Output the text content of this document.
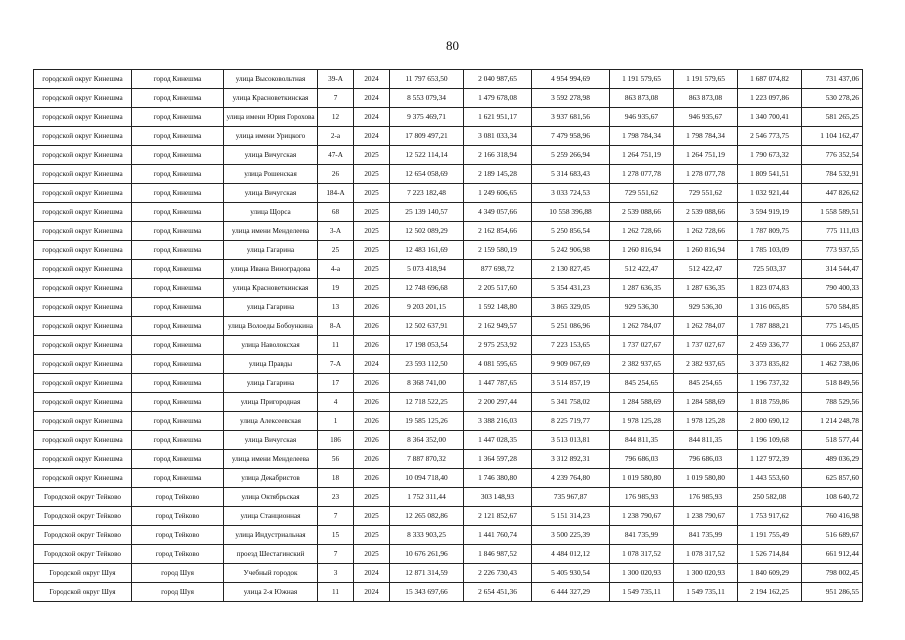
80
городской округ Кинешма	город Кинешма	улица Высоковольтная	39-А	2024	11 797 653,50	2 040 987,65	4 954 994,69	1 191 579,65	1 191 579,65	1 687 074,82	731 437,06
городской округ Кинешма	город Кинешма	улица Красноветкинская	7	2024	8 553 079,34	1 479 678,08	3 592 278,98	863 873,08	863 873,08	1 223 097,86	530 278,26
городской округ Кинешма	город Кинешма	улица имени Юрия Горохова	12	2024	9 375 469,71	1 621 951,17	3 937 681,56	946 935,67	946 935,67	1 340 700,41	581 265,25
городской округ Кинешма	город Кинешма	улица имени Урицкого	2-а	2024	17 809 497,21	3 081 033,34	7 479 958,96	1 798 784,34	1 798 784,34	2 546 773,75	1 104 162,47
городской округ Кинешма	город Кинешма	улица Вичугская	47-А	2025	12 522 114,14	2 166 318,94	5 259 266,94	1 264 751,19	1 264 751,19	1 790 673,32	776 352,54
городской округ Кинешма	город Кинешма	улица Рошенская	26	2025	12 654 058,69	2 189 145,28	5 314 683,43	1 278 077,78	1 278 077,78	1 809 541,51	784 532,91
городской округ Кинешма	город Кинешма	улица Вичугская	184-А	2025	7 223 182,48	1 249 606,65	3 033 724,53	729 551,62	729 551,62	1 032 921,44	447 826,62
городской округ Кинешма	город Кинешма	улица Щорса	68	2025	25 139 140,57	4 349 057,66	10 558 396,88	2 539 088,66	2 539 088,66	3 594 919,19	1 558 589,51
городской округ Кинешма	город Кинешма	улица имени Менделеева	3-А	2025	12 502 089,29	2 162 854,66	5 250 856,54	1 262 728,66	1 262 728,66	1 787 809,75	775 111,03
городской округ Кинешма	город Кинешма	улица Гагарина	25	2025	12 483 161,69	2 159 580,19	5 242 906,98	1 260 816,94	1 260 816,94	1 785 103,09	773 937,55
городской округ Кинешма	город Кинешма	улица Ивана Виноградова	4-а	2025	5 073 418,94	877 698,72	2 130 827,45	512 422,47	512 422,47	725 503,37	314 544,47
городской округ Кинешма	город Кинешма	улица Красноветкинская	19	2025	12 748 696,68	2 205 517,60	5 354 431,23	1 287 636,35	1 287 636,35	1 823 074,83	790 400,33
городской округ Кинешма	город Кинешма	улица Гагарина	13	2026	9 203 201,15	1 592 148,80	3 865 329,05	929 536,30	929 536,30	1 316 065,85	570 584,85
городской округ Кинешма	город Кинешма	улица Волоеды Бобоункина	8-А	2026	12 502 637,91	2 162 949,57	5 251 086,96	1 262 784,07	1 262 784,07	1 787 888,21	775 145,05
городской округ Кинешма	город Кинешма	улица Наволоксхая	11	2026	17 198 053,54	2 975 253,92	7 223 153,65	1 737 027,67	1 737 027,67	2 459 336,77	1 066 253,87
городской округ Кинешма	город Кинешма	улица Правды	7-А	2024	23 593 112,50	4 081 595,65	9 909 067,69	2 382 937,65	2 382 937,65	3 373 835,82	1 462 738,06
городской округ Кинешма	город Кинешма	улица Гагарина	17	2026	8 368 741,00	1 447 787,65	3 514 857,19	845 254,65	845 254,65	1 196 737,32	518 849,56
городской округ Кинешма	город Кинешма	улица Пригородная	4	2026	12 718 522,25	2 200 297,44	5 341 758,02	1 284 588,69	1 284 588,69	1 818 759,86	788 529,56
городской округ Кинешма	город Кинешма	улица Алексеевская	1	2026	19 585 125,26	3 388 216,03	8 225 719,77	1 978 125,28	1 978 125,28	2 800 690,12	1 214 248,78
городской округ Кинешма	город Кинешма	улица Вичугская	186	2026	8 364 352,00	1 447 028,35	3 513 013,81	844 811,35	844 811,35	1 196 109,68	518 577,44
городской округ Кинешма	город Кинешма	улица имени Менделеева	56	2026	7 887 870,32	1 364 597,28	3 312 892,31	796 686,03	796 686,03	1 127 972,39	489 036,29
городской округ Кинешма	город Кинешма	улица Декабристов	18	2026	10 094 718,40	1 746 380,80	4 239 764,80	1 019 580,80	1 019 580,80	1 443 553,60	625 857,60
Городской округ Тейково	город Тейково	улица Октябрьская	23	2025	1 752 311,44	303 148,93	735 967,87	176 985,93	176 985,93	250 582,08	108 640,72
Городской округ Тейково	город Тейково	улица Станционная	7	2025	12 265 082,86	2 121 852,67	5 151 314,23	1 238 790,67	1 238 790,67	1 753 917,62	760 416,98
Городской округ Тейково	город Тейково	улица Индустриальная	15	2025	8 333 903,25	1 441 760,74	3 500 225,39	841 735,99	841 735,99	1 191 755,49	516 689,67
Городской округ Тейково	город Тейково	проезд Шестагинский	7	2025	10 676 261,96	1 846 987,52	4 484 012,12	1 078 317,52	1 078 317,52	1 526 714,84	661 912,44
Городской округ Шуя	город Шуя	Учебный городок	3	2024	12 871 314,59	2 226 730,43	5 405 930,54	1 300 020,93	1 300 020,93	1 840 609,29	798 002,45
Городской округ Шуя	город Шуя	улица 2-я Южная	11	2024	15 343 697,66	2 654 451,36	6 444 327,29	1 549 735,11	1 549 735,11	2 194 162,25	951 286,55
